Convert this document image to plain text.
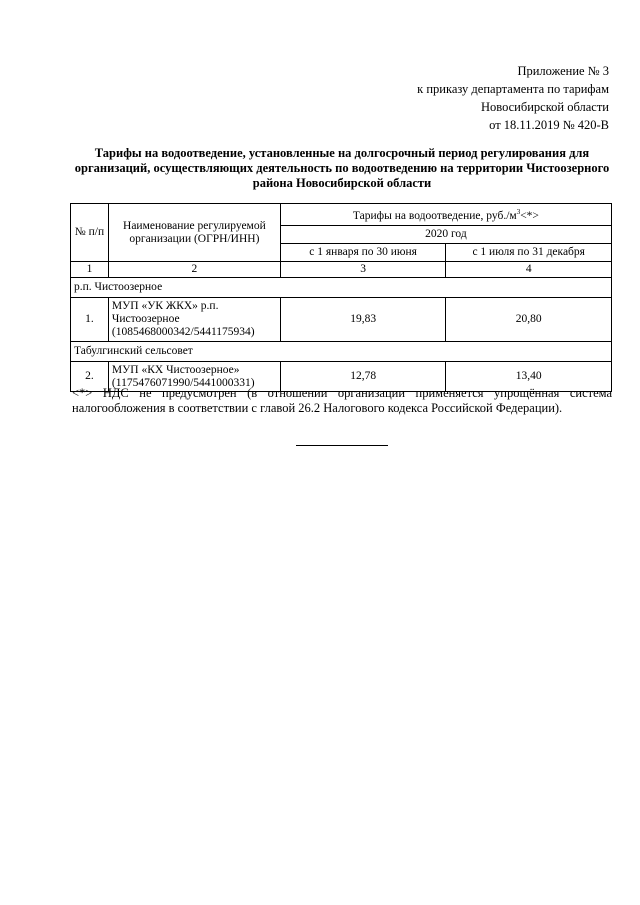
Приложение № 3
к приказу департамента по тарифам
Новосибирской области
от 18.11.2019 № 420-В
Тарифы на водоотведение, установленные на долгосрочный период регулирования для организаций, осуществляющих деятельность по водоотведению на территории Чистоозерного района Новосибирской области
№ п/п	Наименование регулируемой организации (ОГРН/ИНН)	Тарифы на водоотведение, $руб./м^3<*>$	
		2020 год	
		с 1 января по 30 июня	с 1 июля по 31 декабря
1	2	3	4
р.п. Чистоозерное			
1.	МУП «УК ЖКХ» р.п. Чистоозерное (1085468000342/5441175934)	19,83	20,80
Табулгинский сельсовет			
2.	МУП «КХ Чистоозерное» (1175476071990/5441000331)	12,78	13,40
<*> НДС не предусмотрен (в отношении организации применяется упрощённая система налогообложения в соответствии с главой 26.2 Налогового кодекса Российской Федерации).
